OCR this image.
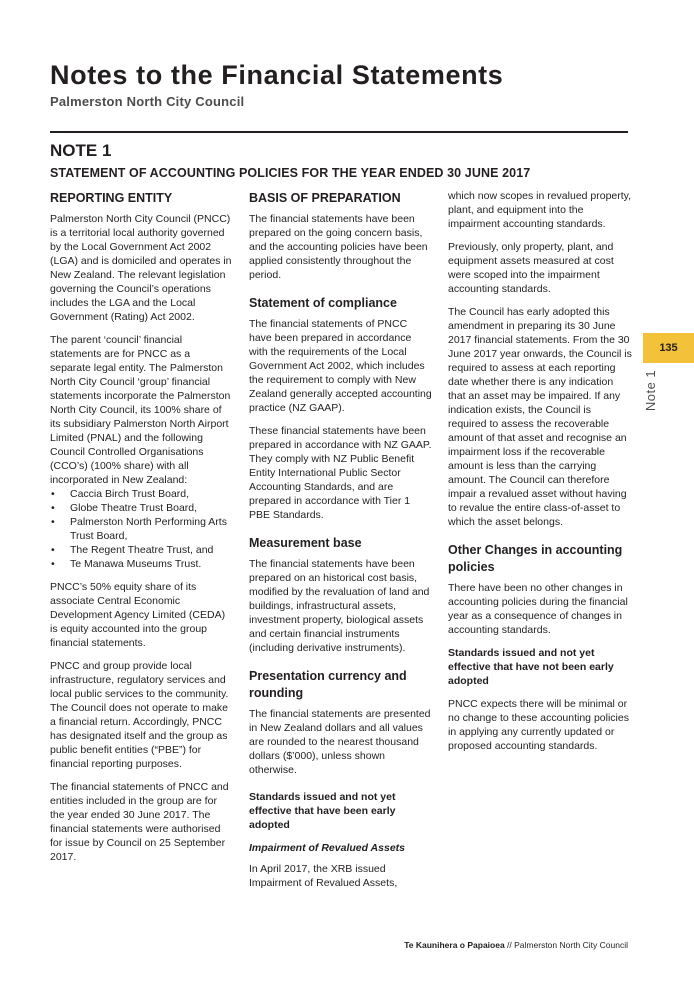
Notes to the Financial Statements
Palmerston North City Council
NOTE 1
STATEMENT OF ACCOUNTING POLICIES FOR THE YEAR ENDED 30 JUNE 2017
REPORTING ENTITY

Palmerston North City Council (PNCC) is a territorial local authority governed by the Local Government Act 2002 (LGA) and is domiciled and operates in New Zealand. The relevant legislation governing the Council’s operations includes the LGA and the Local Government (Rating) Act 2002.

The parent ‘council’ financial statements are for PNCC as a separate legal entity. The Palmerston North City Council ‘group’ financial statements incorporate the Palmerston North City Council, its 100% share of its subsidiary Palmerston North Airport Limited (PNAL) and the following Council Controlled Organisations (CCO’s) (100% share) with all incorporated in New Zealand:

• Caccia Birch Trust Board,
• Globe Theatre Trust Board,
• Palmerston North Performing Arts Trust Board,
• The Regent Theatre Trust, and
• Te Manawa Museums Trust.

PNCC’s 50% equity share of its associate Central Economic Development Agency Limited (CEDA) is equity accounted into the group financial statements.

PNCC and group provide local infrastructure, regulatory services and local public services to the community. The Council does not operate to make a financial return. Accordingly, PNCC has designated itself and the group as public benefit entities (“PBE”) for financial reporting purposes.

The financial statements of PNCC and entities included in the group are for the year ended 30 June 2017. The financial statements were authorised for issue by Council on 25 September 2017.

BASIS OF PREPARATION

The financial statements have been prepared on the going concern basis, and the accounting policies have been applied consistently throughout the period.

Statement of compliance

The financial statements of PNCC have been prepared in accordance with the requirements of the Local Government Act 2002, which includes the requirement to comply with New Zealand generally accepted accounting practice (NZ GAAP).

These financial statements have been prepared in accordance with NZ GAAP. They comply with NZ Public Benefit Entity International Public Sector Accounting Standards, and are prepared in accordance with Tier 1 PBE Standards.

Measurement base

The financial statements have been prepared on an historical cost basis, modified by the revaluation of land and buildings, infrastructural assets, investment property, biological assets and certain financial instruments (including derivative instruments).

Presentation currency and rounding

The financial statements are presented in New Zealand dollars and all values are rounded to the nearest thousand dollars ($’000), unless shown otherwise.

Standards issued and not yet effective that have been early adopted
Impairment of Revalued Assets

In April 2017, the XRB issued Impairment of Revalued Assets,

which now scopes in revalued property, plant, and equipment into the impairment accounting standards.

Previously, only property, plant, and equipment assets measured at cost were scoped into the impairment accounting standards.

The Council has early adopted this amendment in preparing its 30 June 2017 financial statements. From the 30 June 2017 year onwards, the Council is required to assess at each reporting date whether there is any indication that an asset may be impaired. If any indication exists, the Council is required to assess the recoverable amount of that asset and recognise an impairment loss if the recoverable amount is less than the carrying amount. The Council can therefore impair a revalued asset without having to revalue the entire class-of-asset to which the asset belongs.

Other Changes in accounting policies

There have been no other changes in accounting policies during the financial year as a consequence of changes in accounting standards.

Standards issued and not yet effective that have not been early adopted

PNCC expects there will be minimal or no change to these accounting policies in applying any currently updated or proposed accounting standards.

135
Note 1
Te Kaunihera o Papaioea // Palmerston North City Council
